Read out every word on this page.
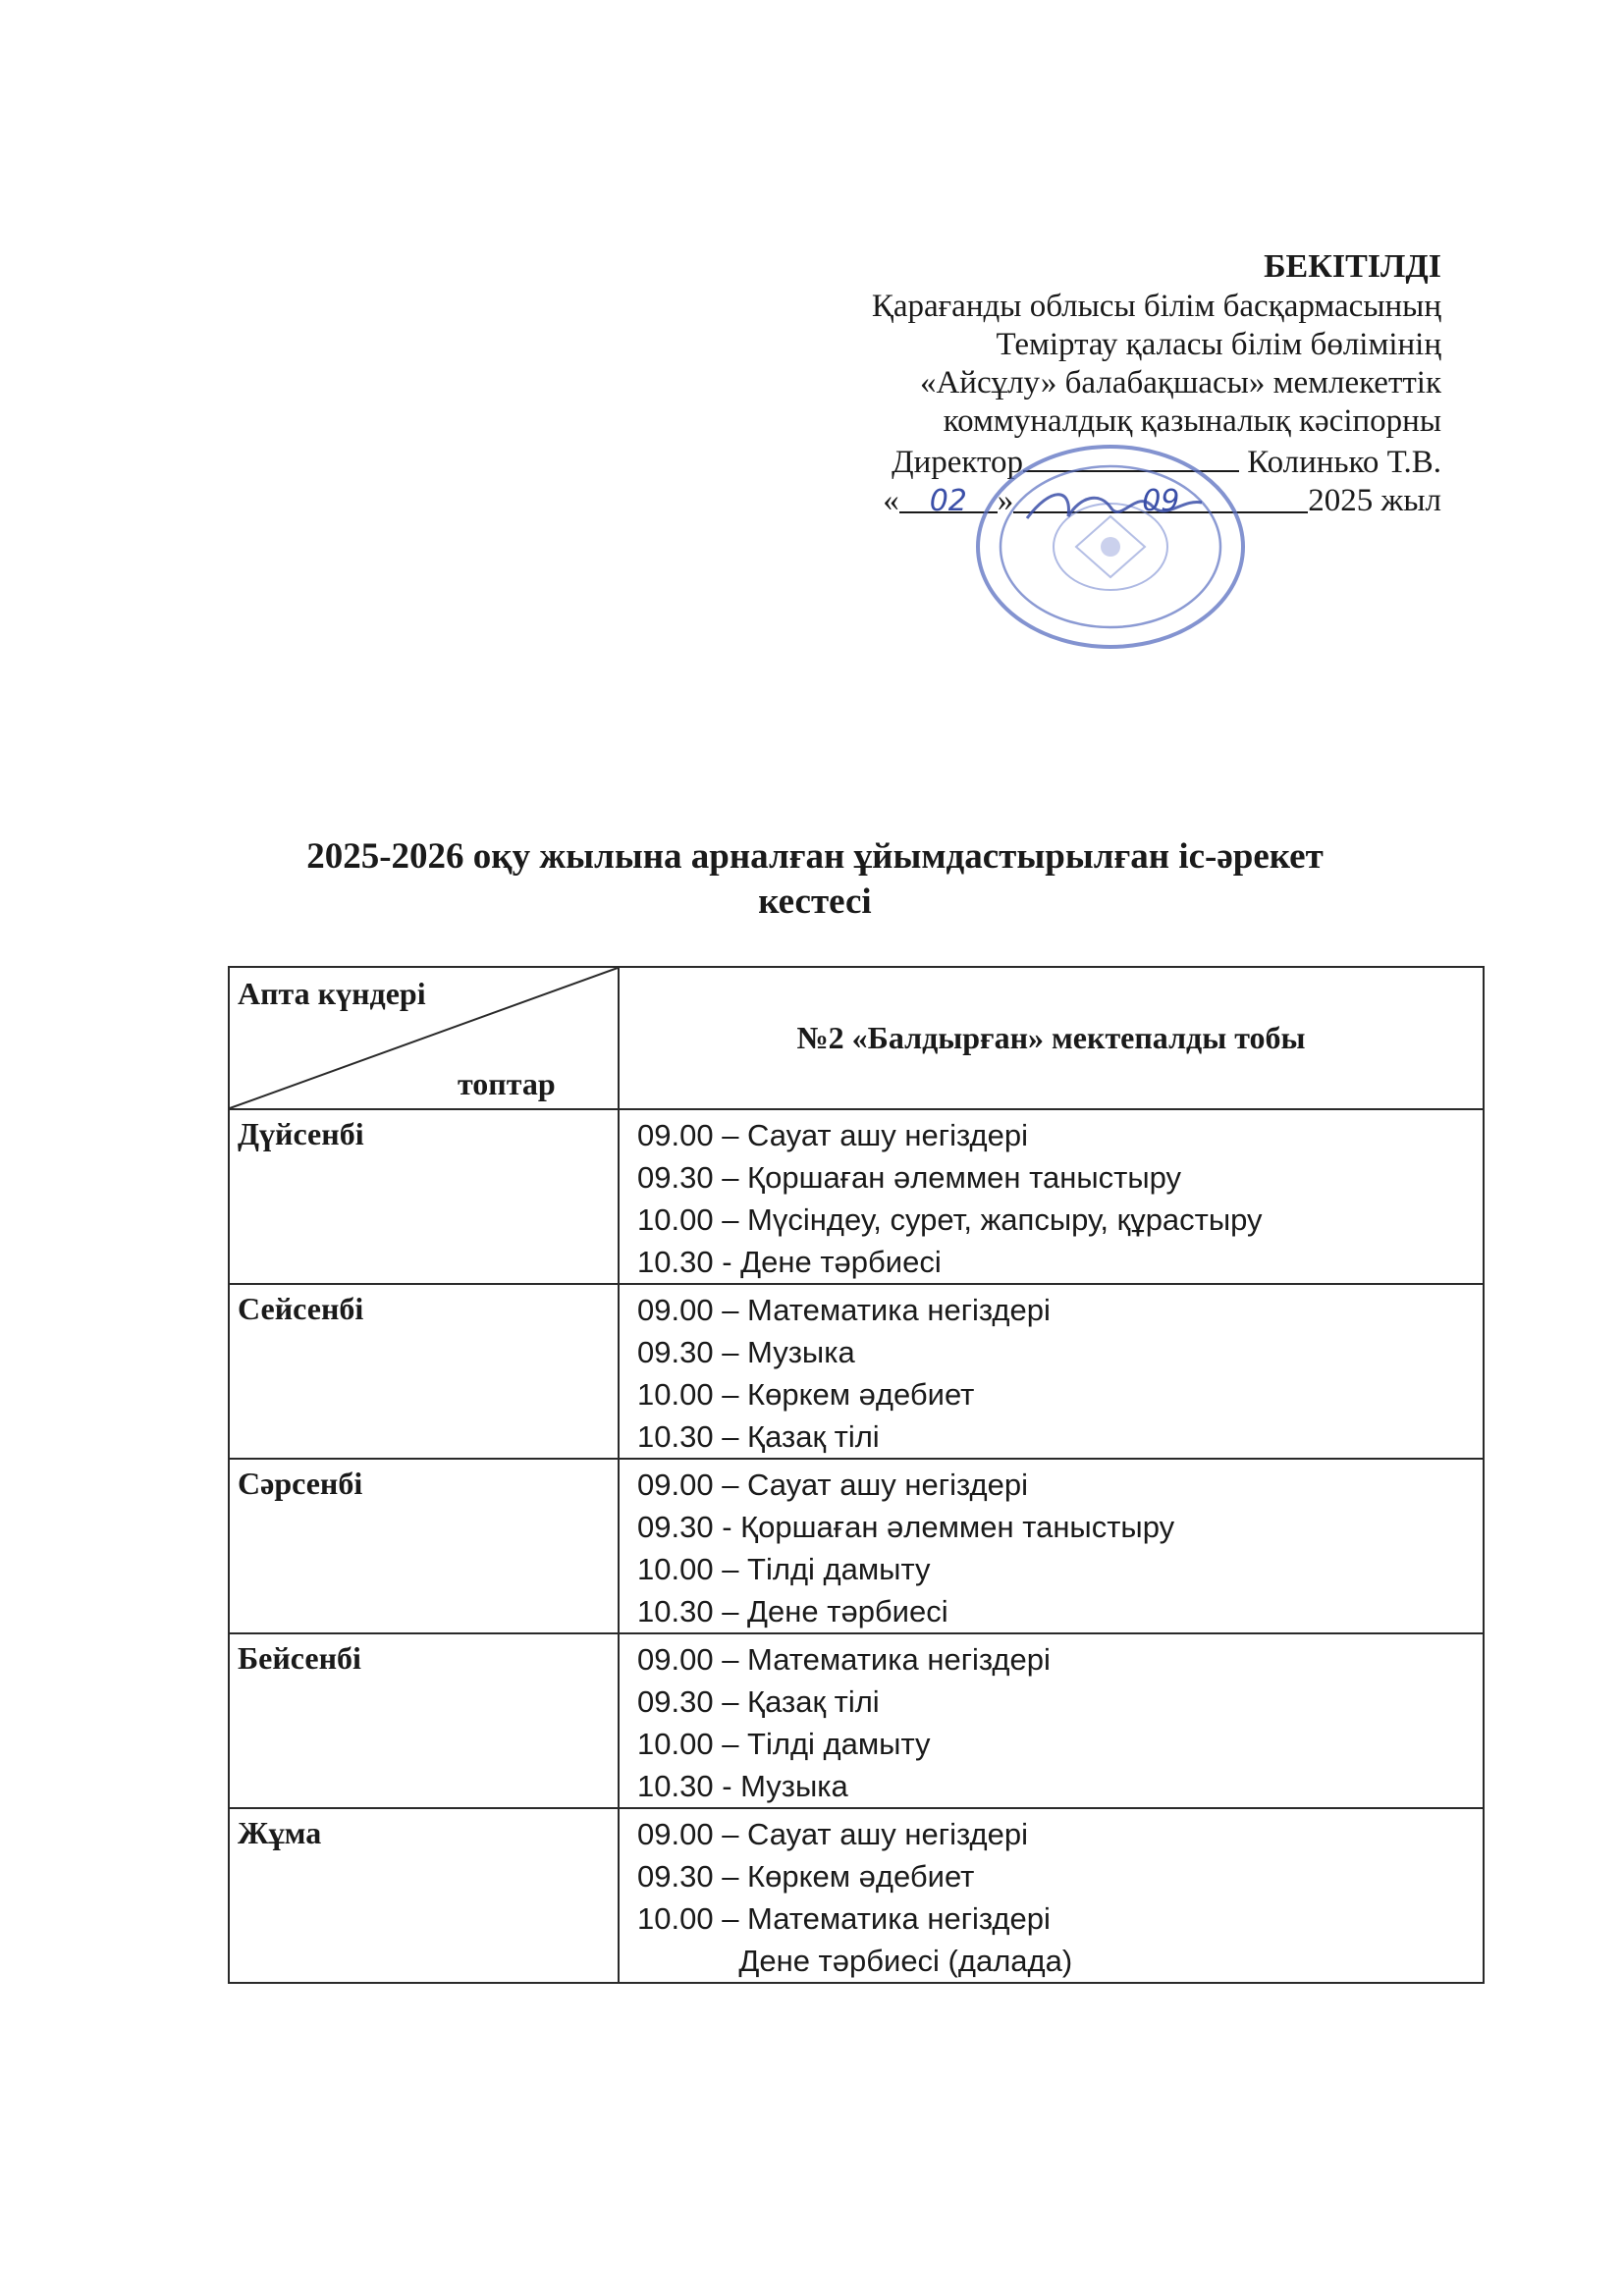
БЕКІТІЛДІ
Қарағанды облысы білім басқармасының
Теміртау қаласы білім бөлімінің
«Айсұлу» балабақшасы» мемлекеттік
коммуналдық қазыналық кәсіпорны
Директор	Колинько Т.В.
« 02 »	09	2025 жыл
2025-2026 оқу жылына арналған ұйымдастырылған іс-әрекет
кестесі
Апта күндері
топтар	№2 «Балдырған» мектепалды тобы
Дүйсенбі	09.00 – Сауат ашу негіздері
09.30 – Қоршаған әлеммен таныстыру
10.00 – Мүсіндеу, сурет, жапсыру, құрастыру
10.30 - Дене тәрбиесі

Сейсенбі	09.00 – Математика негіздері
09.30 – Музыка
10.00 – Көркем әдебиет
10.30 – Қазақ тілі

Сәрсенбі	09.00 – Сауат ашу негіздері
09.30 - Қоршаған әлеммен таныстыру
10.00 – Тілді дамыту
10.30 – Дене тәрбиесі

Бейсенбі	09.00 – Математика негіздері
09.30 – Қазақ тілі
10.00 – Тілді дамыту
10.30 - Музыка

Жұма	09.00 – Сауат ашу негіздері
09.30 – Көркем әдебиет
10.00 – Математика негіздері
Дене тәрбиесі (далада)
